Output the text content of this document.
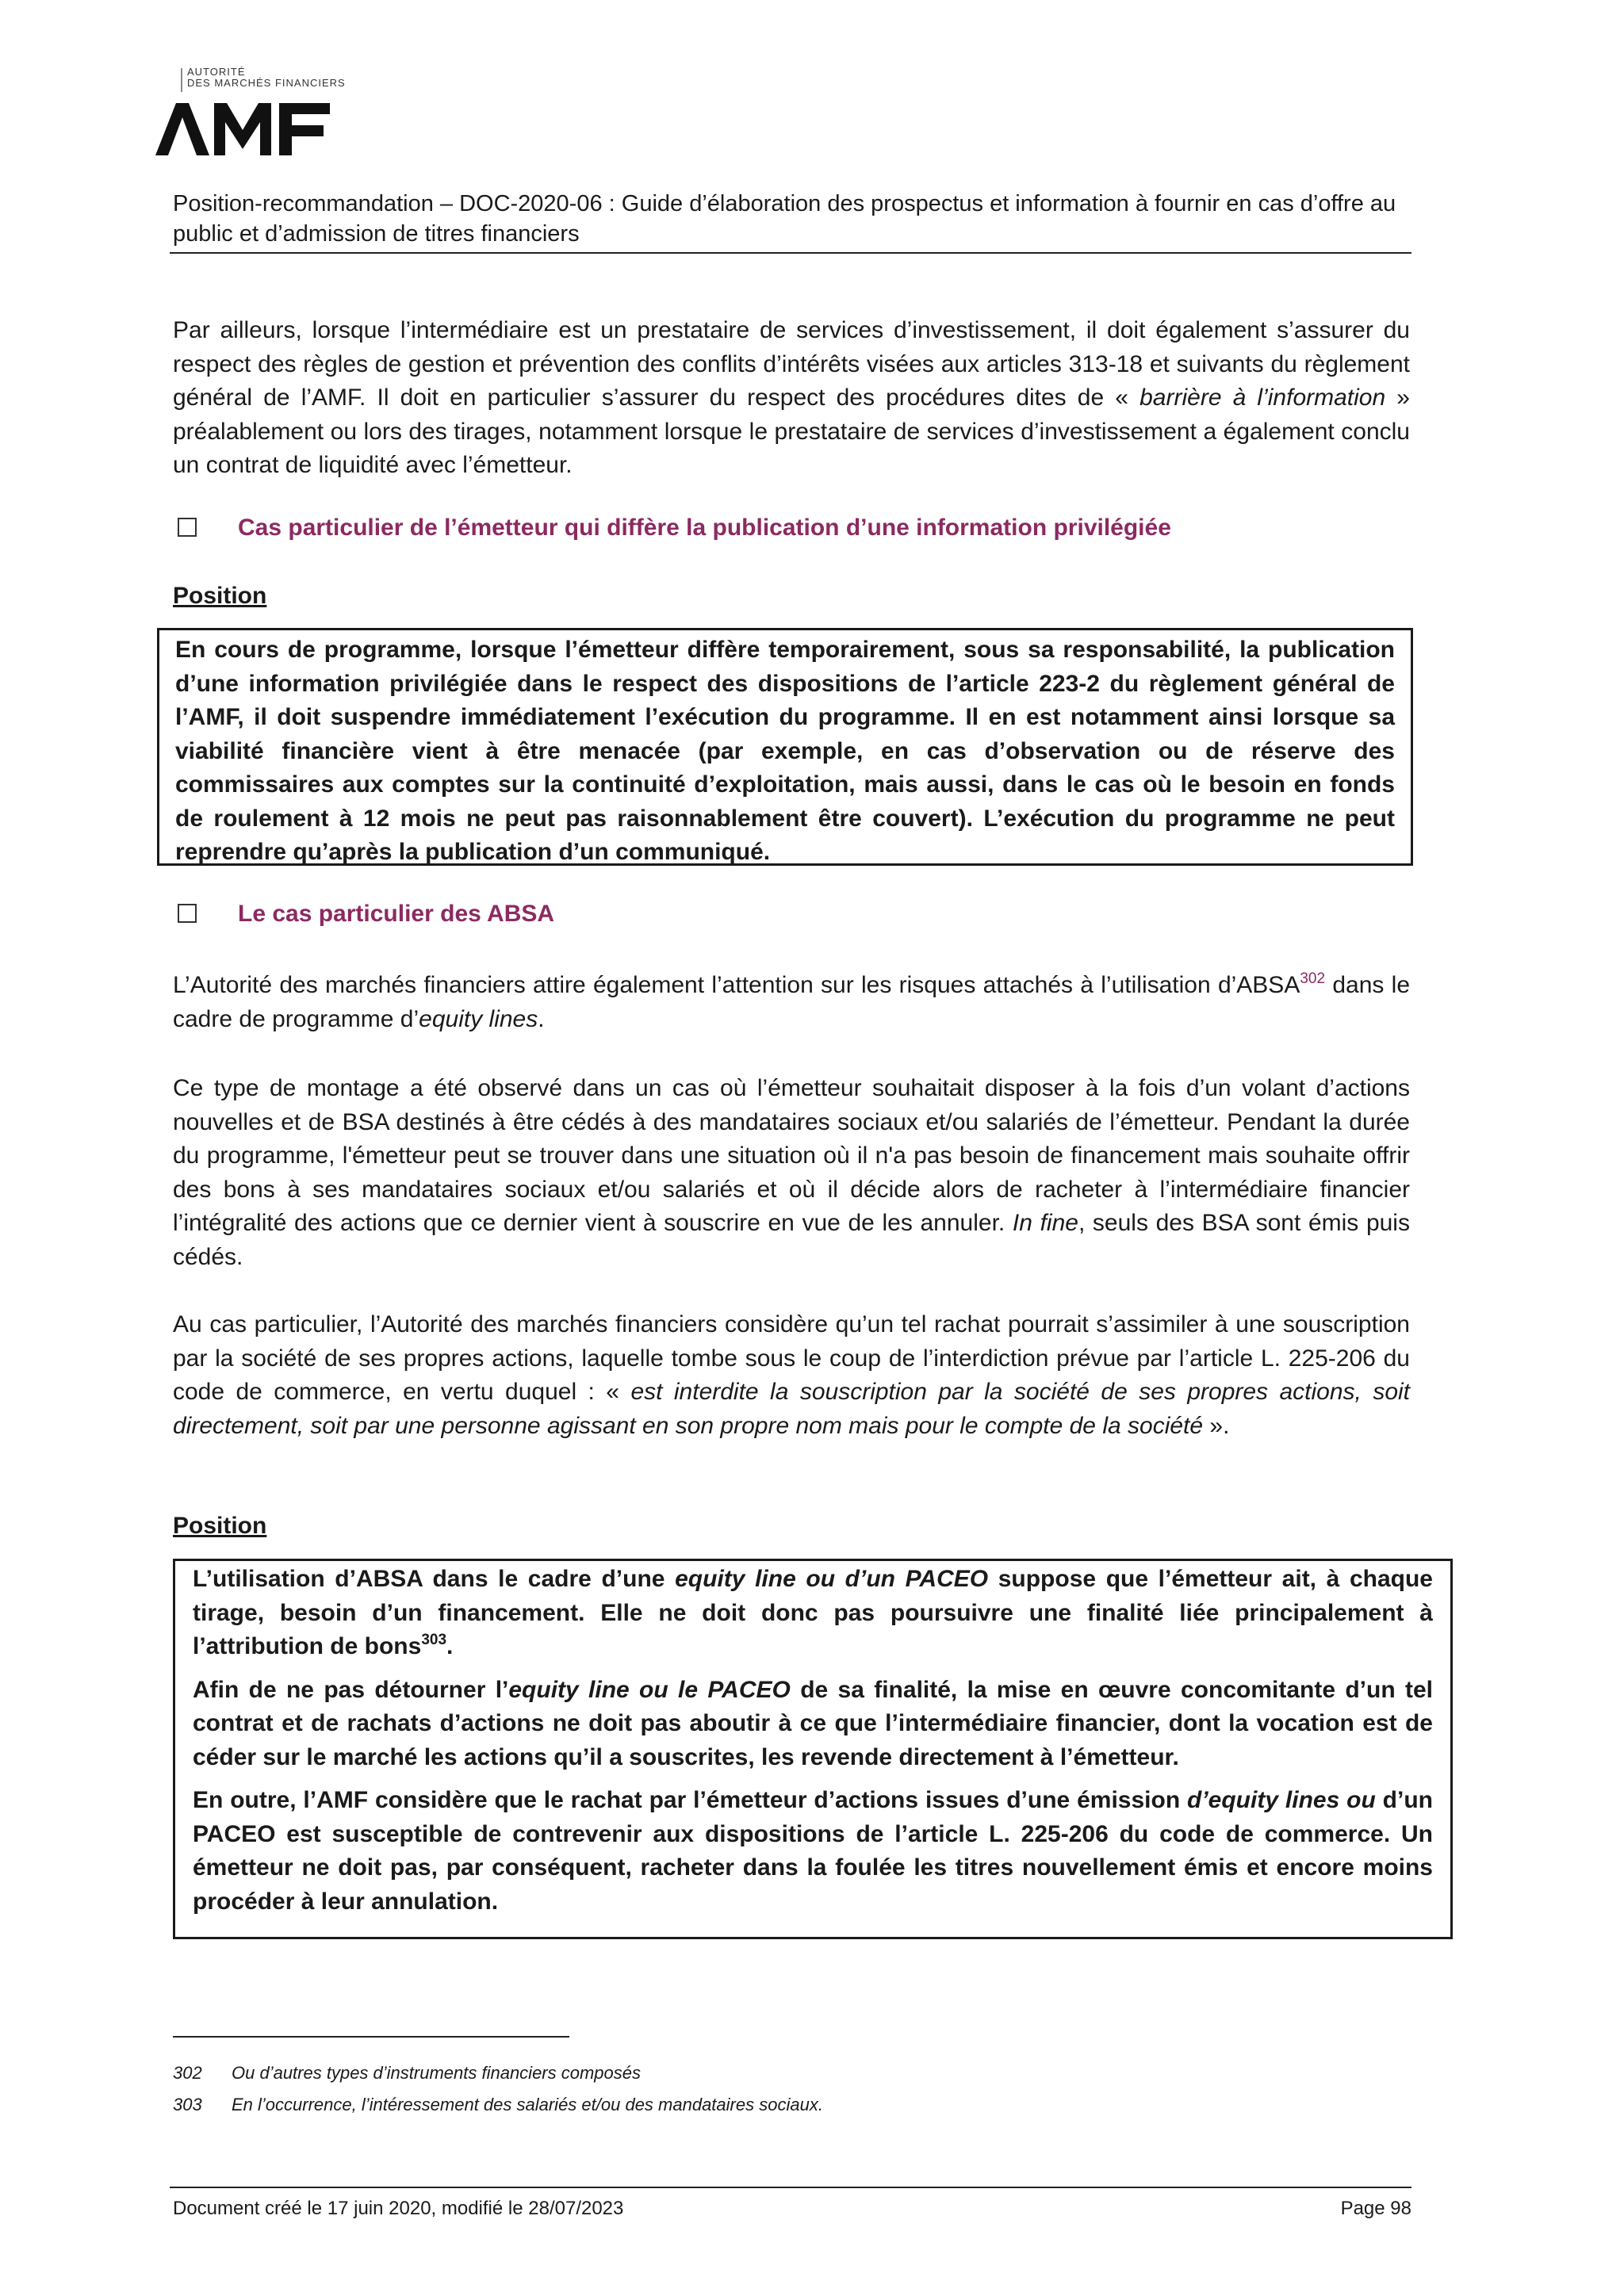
AUTORITÉ
DES MARCHÉS FINANCIERS
Position-recommandation – DOC-2020-06 : Guide d’élaboration des prospectus et information à fournir en cas d’offre au public et d’admission de titres financiers
Par ailleurs, lorsque l’intermédiaire est un prestataire de services d’investissement, il doit également s’assurer du respect des règles de gestion et prévention des conflits d’intérêts visées aux articles 313-18 et suivants du règlement général de l’AMF. Il doit en particulier s’assurer du respect des procédures dites de « barrière à l’information » préalablement ou lors des tirages, notamment lorsque le prestataire de services d’investissement a également conclu un contrat de liquidité avec l’émetteur.
Cas particulier de l’émetteur qui diffère la publication d’une information privilégiée
Position
En cours de programme, lorsque l’émetteur diffère temporairement, sous sa responsabilité, la publication d’une information privilégiée dans le respect des dispositions de l’article 223-2 du règlement général de l’AMF, il doit suspendre immédiatement l’exécution du programme. Il en est notamment ainsi lorsque sa viabilité financière vient à être menacée (par exemple, en cas d’observation ou de réserve des commissaires aux comptes sur la continuité d’exploitation, mais aussi, dans le cas où le besoin en fonds de roulement à 12 mois ne peut pas raisonnablement être couvert). L’exécution du programme ne peut reprendre qu’après la publication d’un communiqué.
Le cas particulier des ABSA
L’Autorité des marchés financiers attire également l’attention sur les risques attachés à l’utilisation d’ABSA$^{302}$ dans le cadre de programme d’equity lines.
Ce type de montage a été observé dans un cas où l’émetteur souhaitait disposer à la fois d’un volant d’actions nouvelles et de BSA destinés à être cédés à des mandataires sociaux et/ou salariés de l’émetteur. Pendant la durée du programme, l'émetteur peut se trouver dans une situation où il n'a pas besoin de financement mais souhaite offrir des bons à ses mandataires sociaux et/ou salariés et où il décide alors de racheter à l’intermédiaire financier l’intégralité des actions que ce dernier vient à souscrire en vue de les annuler. In fine, seuls des BSA sont émis puis cédés.
Au cas particulier, l’Autorité des marchés financiers considère qu’un tel rachat pourrait s’assimiler à une souscription par la société de ses propres actions, laquelle tombe sous le coup de l’interdiction prévue par l’article L. 225-206 du code de commerce, en vertu duquel : « est interdite la souscription par la société de ses propres actions, soit directement, soit par une personne agissant en son propre nom mais pour le compte de la société ».
Position

L’utilisation d’ABSA dans le cadre d’une equity line ou d’un PACEO suppose que l’émetteur ait, à chaque tirage, besoin d’un financement. Elle ne doit donc pas poursuivre une finalité liée principalement à l’attribution de bons$^{303}$.

Afin de ne pas détourner l’equity line ou le PACEO de sa finalité, la mise en œuvre concomitante d’un tel contrat et de rachats d’actions ne doit pas aboutir à ce que l’intermédiaire financier, dont la vocation est de céder sur le marché les actions qu’il a souscrites, les revende directement à l’émetteur.

En outre, l’AMF considère que le rachat par l’émetteur d’actions issues d’une émission d’equity lines ou d’un PACEO est susceptible de contrevenir aux dispositions de l’article L. 225-206 du code de commerce. Un émetteur ne doit pas, par conséquent, racheter dans la foulée les titres nouvellement émis et encore moins procéder à leur annulation.

302 Ou d’autres types d’instruments financiers composés
303 En l’occurrence, l’intéressement des salariés et/ou des mandataires sociaux.
Document créé le 17 juin 2020, modifié le 28/07/2023	Page 98
